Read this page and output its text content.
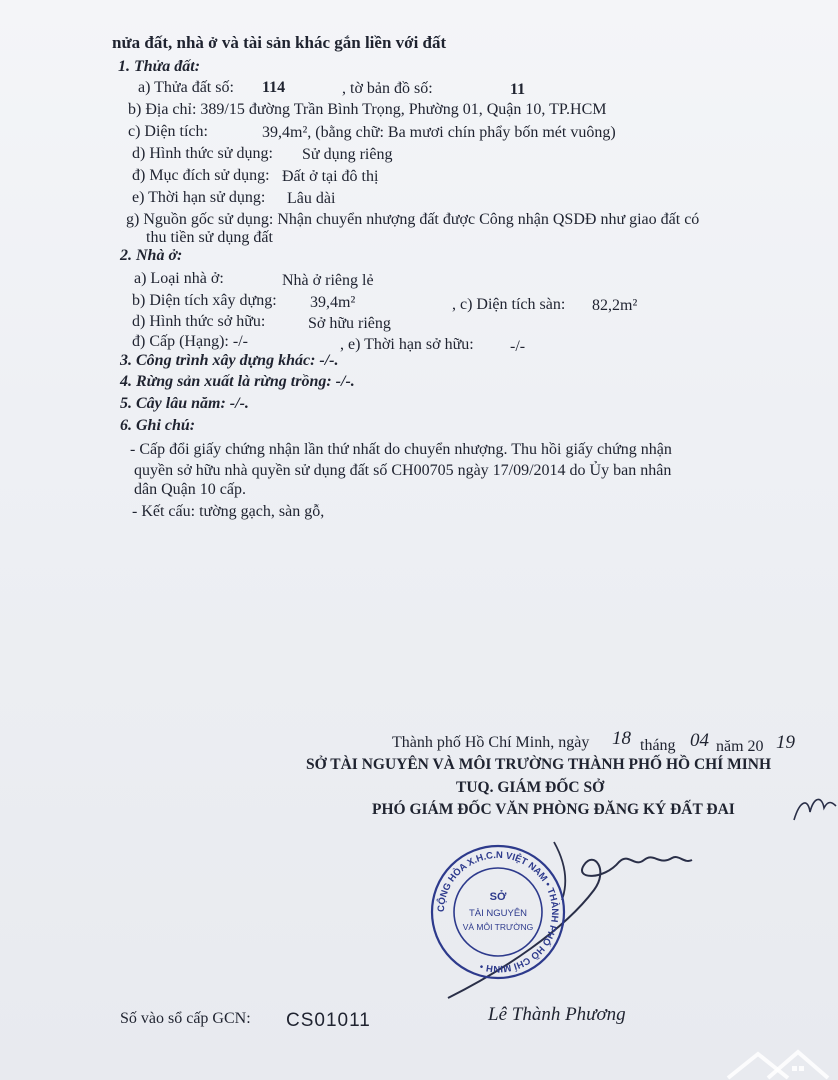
nửa đất, nhà ở và tài sản khác gắn liền với đất
1. Thửa đất:
a) Thửa đất số: 114	, tờ bản đồ số:	11
b) Địa chỉ: 389/15 đường Trần Bình Trọng, Phường 01, Quận 10, TP.HCM
c) Diện tích:	39,4m², (bằng chữ: Ba mươi chín phẩy bốn mét vuông)
d) Hình thức sử dụng: Sử dụng riêng
đ) Mục đích sử dụng: Đất ở tại đô thị
e) Thời hạn sử dụng: Lâu dài
g) Nguồn gốc sử dụng: Nhận chuyển nhượng đất được Công nhận QSDĐ như giao đất có
thu tiền sử dụng đất
2. Nhà ở:
a) Loại nhà ở:	Nhà ở riêng lẻ
b) Diện tích xây dựng: 39,4m²	, c) Diện tích sàn: 82,2m²
d) Hình thức sở hữu:	Sở hữu riêng
đ) Cấp (Hạng): -/-	, e) Thời hạn sở hữu: -/-
3. Công trình xây dựng khác: -/-.
4. Rừng sản xuất là rừng trồng: -/-.
5. Cây lâu năm: -/-.
6. Ghi chú:
- Cấp đổi giấy chứng nhận lần thứ nhất do chuyển nhượng. Thu hồi giấy chứng nhận
quyền sở hữu nhà quyền sử dụng đất số CH00705 ngày 17/09/2014 do Ủy ban nhân
dân Quận 10 cấp.
- Kết cấu: tường gạch, sàn gỗ,
Thành phố Hồ Chí Minh, ngày 18 tháng 04 năm 20 19
SỞ TÀI NGUYÊN VÀ MÔI TRƯỜNG THÀNH PHỐ HỒ CHÍ MINH
TUQ. GIÁM ĐỐC SỞ
PHÓ GIÁM ĐỐC VĂN PHÒNG ĐĂNG KÝ ĐẤT ĐAI
CỘNG HÒA X.H.C.N VIỆT NAM • THÀNH PHỐ HỒ CHÍ MINH •
SỞ
TÀI NGUYÊN
VÀ MÔI TRƯỜNG
Lê Thành Phương
Số vào sổ cấp GCN: CS01011
